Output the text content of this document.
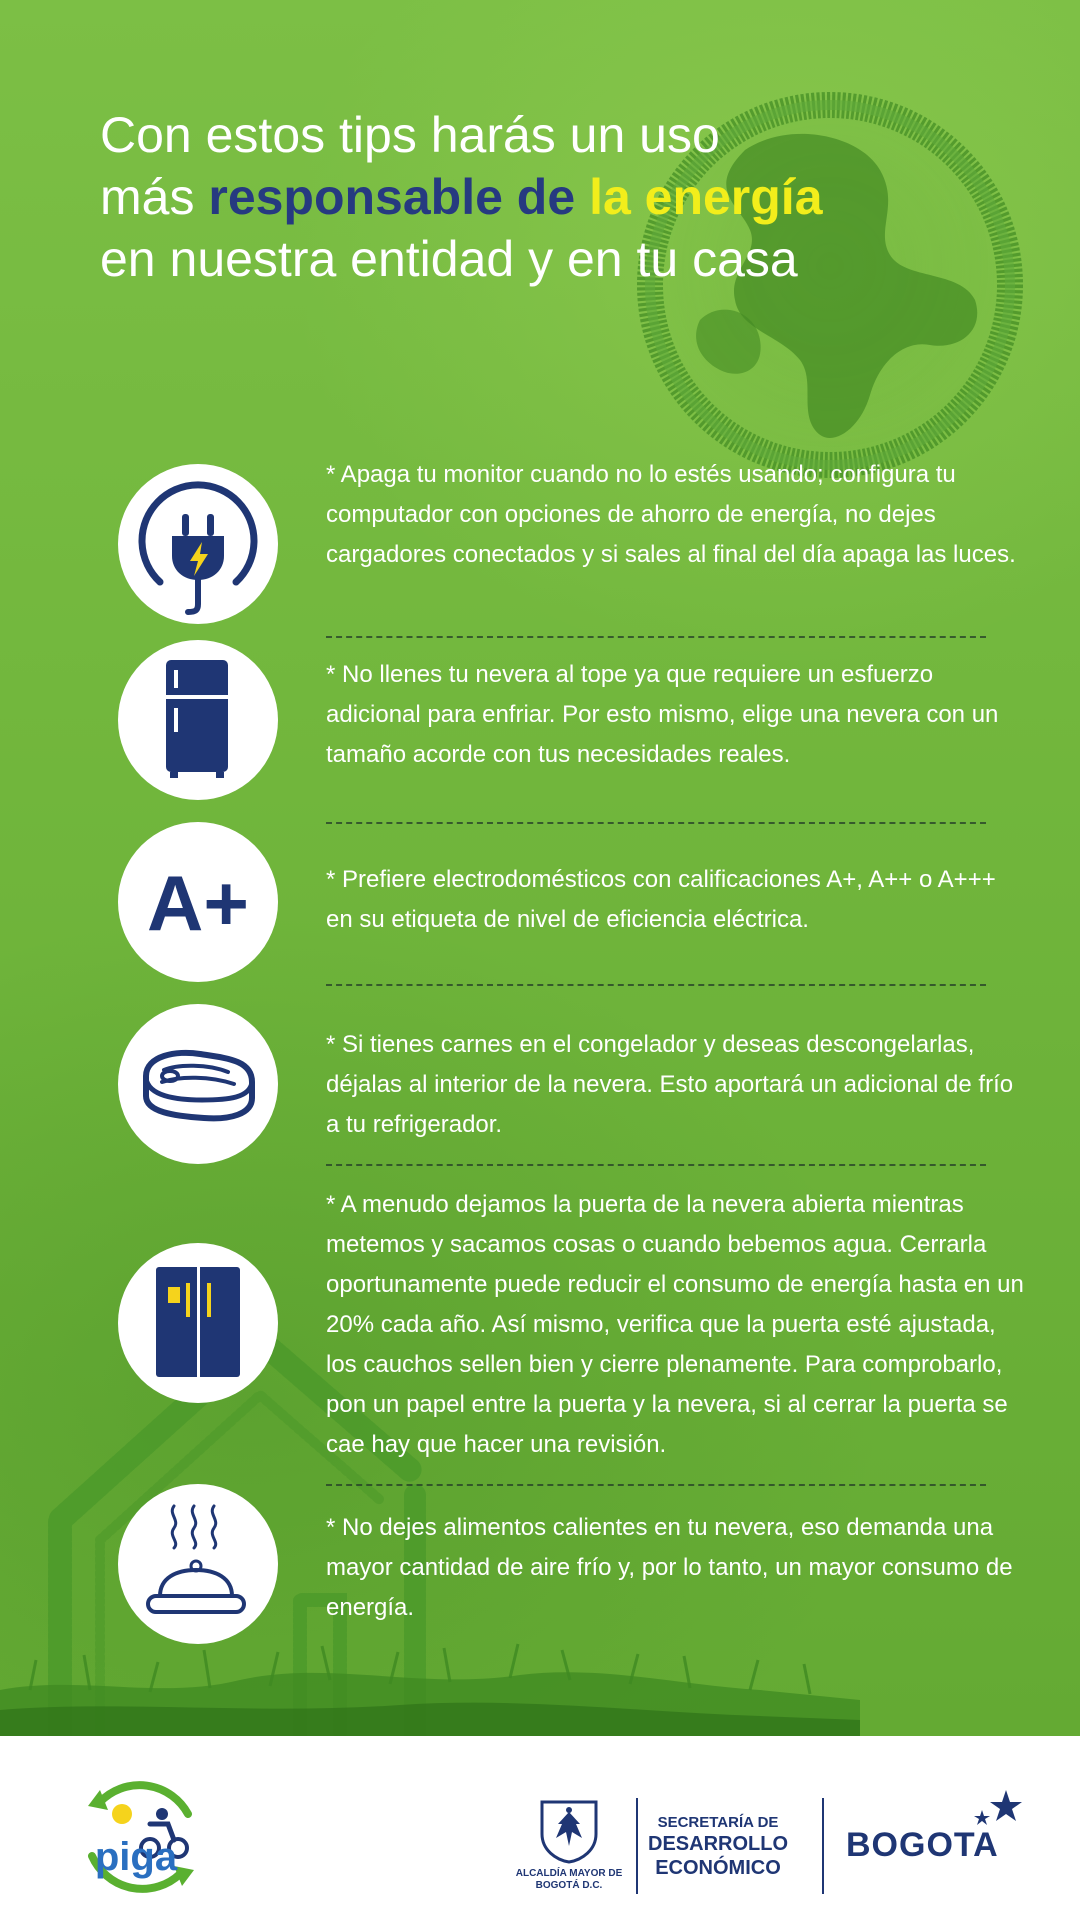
Con estos tips harás un uso
más responsable de la energía
en nuestra entidad y en tu casa

* Apaga tu monitor cuando no lo estés usando; configura tu computador con opciones de ahorro de energía, no dejes cargadores conectados y si sales al final del día apaga las luces.

* No llenes tu nevera al tope ya que requiere un esfuerzo adicional para enfriar. Por esto mismo, elige una nevera con un tamaño acorde con tus necesidades reales.

A+	* Prefiere electrodomésticos con calificaciones A+, A++ o A+++ en su etiqueta de nivel de eficiencia eléctrica.

* Si tienes carnes en el congelador y deseas descongelarlas, déjalas al interior de la nevera. Esto aportará un adicional de frío a tu refrigerador.

* A menudo dejamos la puerta de la nevera abierta mientras metemos y sacamos cosas o cuando bebemos agua. Cerrarla oportunamente puede reducir el consumo de energía hasta en un 20% cada año. Así mismo, verifica que la puerta esté ajustada, los cauchos sellen bien y cierre plenamente. Para comprobarlo, pon un papel entre la puerta y la nevera, si al cerrar la puerta se cae hay que hacer una revisión.

* No dejes alimentos calientes en tu nevera, eso demanda una mayor cantidad de aire frío y, por lo tanto, un mayor consumo de energía.

piga	ALCALDÍA MAYOR DE BOGOTÁ D.C.

SECRETARÍA DE
DESARROLLO
ECONÓMICO

BOGOTA
